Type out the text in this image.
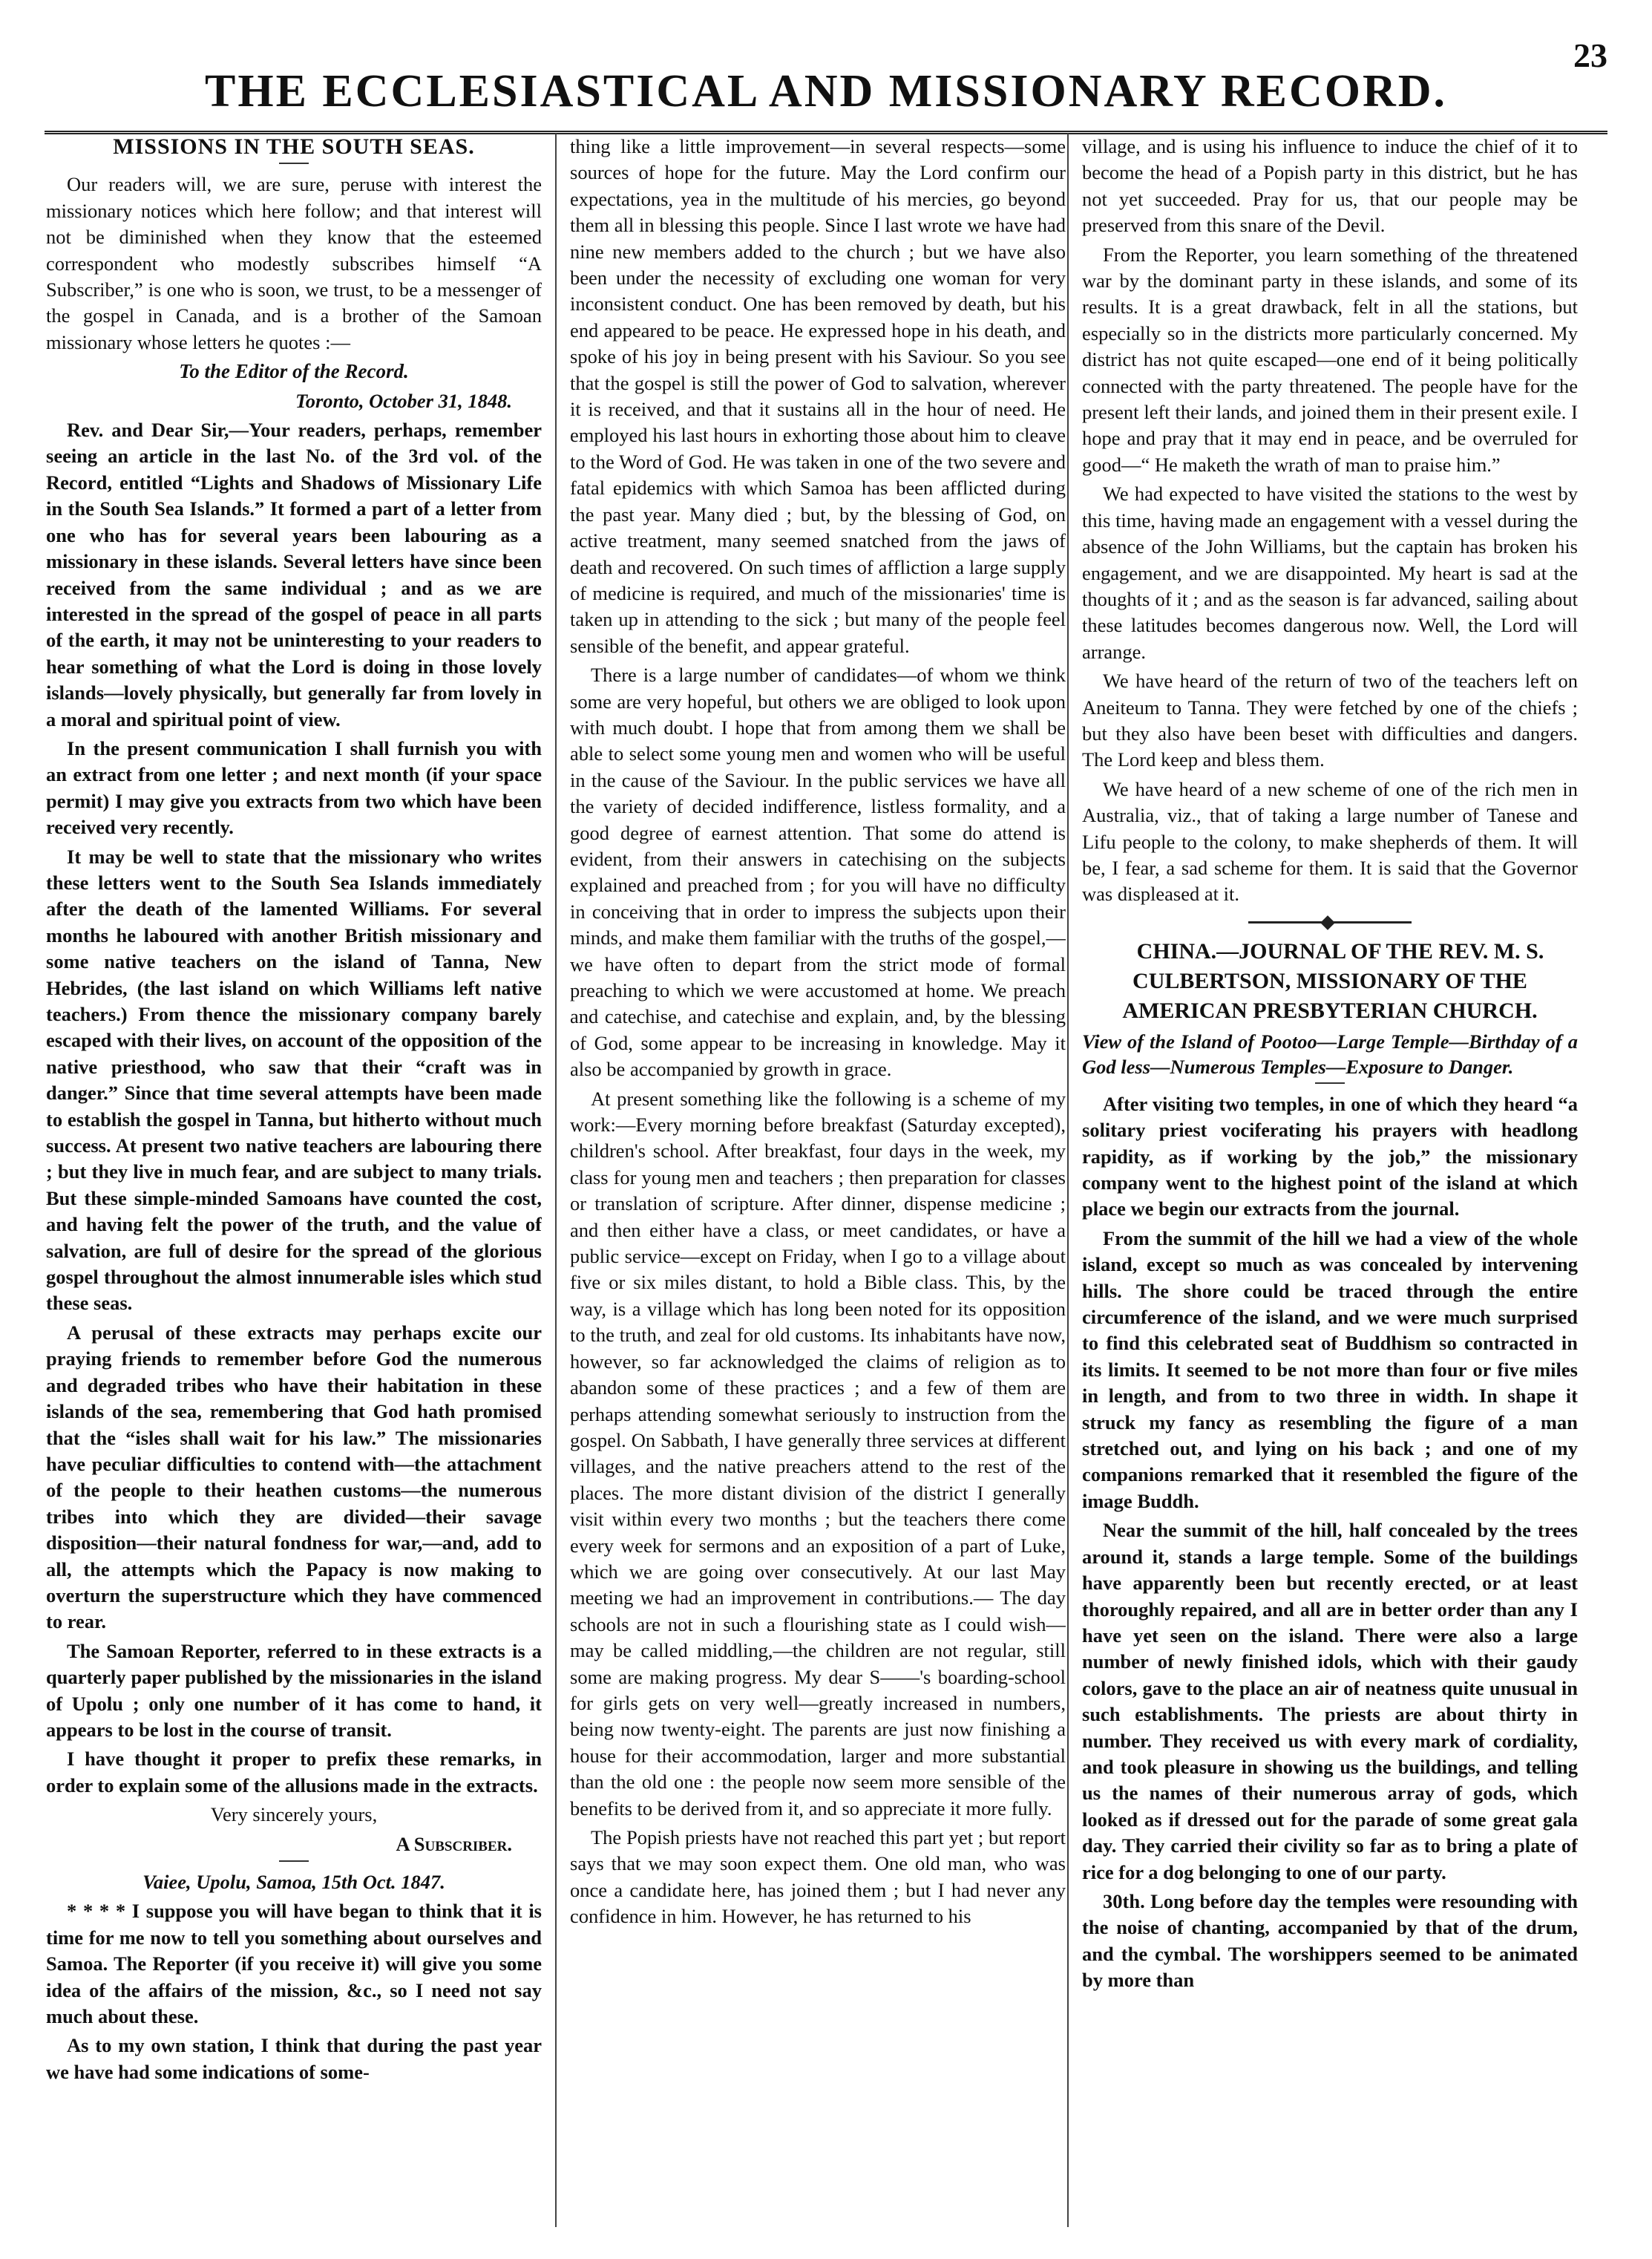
THE ECCLESIASTICAL AND MISSIONARY RECORD.
23

MISSIONS IN THE SOUTH SEAS.

Our readers will, we are sure, peruse with interest the missionary notices which here follow; and that interest will not be diminished when they know that the esteemed correspondent who modestly subscribes himself “A Subscriber,” is one who is soon, we trust, to be a messenger of the gospel in Canada, and is a brother of the Samoan missionary whose letters he quotes :—

To the Editor of the Record.

Toronto, October 31, 1848.

Rev. and Dear Sir,—Your readers, perhaps, remember seeing an article in the last No. of the 3rd vol. of the Record, entitled “Lights and Shadows of Missionary Life in the South Sea Islands.” It formed a part of a letter from one who has for several years been labouring as a missionary in these islands. Several letters have since been received from the same individual ; and as we are interested in the spread of the gospel of peace in all parts of the earth, it may not be uninteresting to your readers to hear something of what the Lord is doing in those lovely islands—lovely physically, but generally far from lovely in a moral and spiritual point of view.

In the present communication I shall furnish you with an extract from one letter ; and next month (if your space permit) I may give you extracts from two which have been received very recently.

It may be well to state that the missionary who writes these letters went to the South Sea Islands immediately after the death of the lamented Williams. For several months he laboured with another British missionary and some native teachers on the island of Tanna, New Hebrides, (the last island on which Williams left native teachers.) From thence the missionary company barely escaped with their lives, on account of the opposition of the native priesthood, who saw that their “craft was in danger.” Since that time several attempts have been made to establish the gospel in Tanna, but hitherto without much success. At present two native teachers are labouring there ; but they live in much fear, and are subject to many trials. But these simple-minded Samoans have counted the cost, and having felt the power of the truth, and the value of salvation, are full of desire for the spread of the glorious gospel throughout the almost innumerable isles which stud these seas.

A perusal of these extracts may perhaps excite our praying friends to remember before God the numerous and degraded tribes who have their habitation in these islands of the sea, remembering that God hath promised that the “isles shall wait for his law.” The missionaries have peculiar difficulties to contend with—the attachment of the people to their heathen customs—the numerous tribes into which they are divided—their savage disposition—their natural fondness for war,—and, add to all, the attempts which the Papacy is now making to overturn the superstructure which they have commenced to rear.

The Samoan Reporter, referred to in these extracts is a quarterly paper published by the missionaries in the island of Upolu ; only one number of it has come to hand, it appears to be lost in the course of transit.

I have thought it proper to prefix these remarks, in order to explain some of the allusions made in the extracts.

Very sincerely yours,

A Subscriber.

Vaiee, Upolu, Samoa, 15th Oct. 1847.

* * * * I suppose you will have began to think that it is time for me now to tell you something about ourselves and Samoa. The Reporter (if you receive it) will give you some idea of the affairs of the mission, &c., so I need not say much about these.

As to my own station, I think that during the past year we have had some indications of some-

thing like a little improvement—in several respects—some sources of hope for the future. May the Lord confirm our expectations, yea in the multitude of his mercies, go beyond them all in blessing this people. Since I last wrote we have had nine new members added to the church ; but we have also been under the necessity of excluding one woman for very inconsistent conduct. One has been removed by death, but his end appeared to be peace. He expressed hope in his death, and spoke of his joy in being present with his Saviour. So you see that the gospel is still the power of God to salvation, wherever it is received, and that it sustains all in the hour of need. He employed his last hours in exhorting those about him to cleave to the Word of God. He was taken in one of the two severe and fatal epidemics with which Samoa has been afflicted during the past year. Many died ; but, by the blessing of God, on active treatment, many seemed snatched from the jaws of death and recovered. On such times of affliction a large supply of medicine is required, and much of the missionaries' time is taken up in attending to the sick ; but many of the people feel sensible of the benefit, and appear grateful.

There is a large number of candidates—of whom we think some are very hopeful, but others we are obliged to look upon with much doubt. I hope that from among them we shall be able to select some young men and women who will be useful in the cause of the Saviour. In the public services we have all the variety of decided indifference, listless formality, and a good degree of earnest attention. That some do attend is evident, from their answers in catechising on the subjects explained and preached from ; for you will have no difficulty in conceiving that in order to impress the subjects upon their minds, and make them familiar with the truths of the gospel,—we have often to depart from the strict mode of formal preaching to which we were accustomed at home. We preach and catechise, and catechise and explain, and, by the blessing of God, some appear to be increasing in knowledge. May it also be accompanied by growth in grace.

At present something like the following is a scheme of my work:—Every morning before breakfast (Saturday excepted), children's school. After breakfast, four days in the week, my class for young men and teachers ; then preparation for classes or translation of scripture. After dinner, dispense medicine ; and then either have a class, or meet candidates, or have a public service—except on Friday, when I go to a village about five or six miles distant, to hold a Bible class. This, by the way, is a village which has long been noted for its opposition to the truth, and zeal for old customs. Its inhabitants have now, however, so far acknowledged the claims of religion as to abandon some of these practices ; and a few of them are perhaps attending somewhat seriously to instruction from the gospel. On Sabbath, I have generally three services at different villages, and the native preachers attend to the rest of the places. The more distant division of the district I generally visit within every two months ; but the teachers there come every week for sermons and an exposition of a part of Luke, which we are going over consecutively. At our last May meeting we had an improvement in contributions.— The day schools are not in such a flourishing state as I could wish—may be called middling,—the children are not regular, still some are making progress. My dear S——'s boarding-school for girls gets on very well—greatly increased in numbers, being now twenty-eight. The parents are just now finishing a house for their accommodation, larger and more substantial than the old one : the people now seem more sensible of the benefits to be derived from it, and so appreciate it more fully.

The Popish priests have not reached this part yet ; but report says that we may soon expect them. One old man, who was once a candidate here, has joined them ; but I had never any confidence in him. However, he has returned to his

village, and is using his influence to induce the chief of it to become the head of a Popish party in this district, but he has not yet succeeded. Pray for us, that our people may be preserved from this snare of the Devil.

From the Reporter, you learn something of the threatened war by the dominant party in these islands, and some of its results. It is a great drawback, felt in all the stations, but especially so in the districts more particularly concerned. My district has not quite escaped—one end of it being politically connected with the party threatened. The people have for the present left their lands, and joined them in their present exile. I hope and pray that it may end in peace, and be overruled for good—“ He maketh the wrath of man to praise him.”

We had expected to have visited the stations to the west by this time, having made an engagement with a vessel during the absence of the John Williams, but the captain has broken his engagement, and we are disappointed. My heart is sad at the thoughts of it ; and as the season is far advanced, sailing about these latitudes becomes dangerous now. Well, the Lord will arrange.

We have heard of the return of two of the teachers left on Aneiteum to Tanna. They were fetched by one of the chiefs ; but they also have been beset with difficulties and dangers. The Lord keep and bless them.

We have heard of a new scheme of one of the rich men in Australia, viz., that of taking a large number of Tanese and Lifu people to the colony, to make shepherds of them. It will be, I fear, a sad scheme for them. It is said that the Governor was displeased at it.

CHINA.—JOURNAL OF THE REV. M. S. CULBERTSON, MISSIONARY OF THE AMERICAN PRESBYTERIAN CHURCH.

View of the Island of Pootoo—Large Temple—Birthday of a God less—Numerous Temples—Exposure to Danger.

After visiting two temples, in one of which they heard “a solitary priest vociferating his prayers with headlong rapidity, as if working by the job,” the missionary company went to the highest point of the island at which place we begin our extracts from the journal.

From the summit of the hill we had a view of the whole island, except so much as was concealed by intervening hills. The shore could be traced through the entire circumference of the island, and we were much surprised to find this celebrated seat of Buddhism so contracted in its limits. It seemed to be not more than four or five miles in length, and from to two three in width. In shape it struck my fancy as resembling the figure of a man stretched out, and lying on his back ; and one of my companions remarked that it resembled the figure of the image Buddh.

Near the summit of the hill, half concealed by the trees around it, stands a large temple. Some of the buildings have apparently been but recently erected, or at least thoroughly repaired, and all are in better order than any I have yet seen on the island. There were also a large number of newly finished idols, which with their gaudy colors, gave to the place an air of neatness quite unusual in such establishments. The priests are about thirty in number. They received us with every mark of cordiality, and took pleasure in showing us the buildings, and telling us the names of their numerous array of gods, which looked as if dressed out for the parade of some great gala day. They carried their civility so far as to bring a plate of rice for a dog belonging to one of our party.

30th. Long before day the temples were resounding with the noise of chanting, accompanied by that of the drum, and the cymbal. The worshippers seemed to be animated by more than
